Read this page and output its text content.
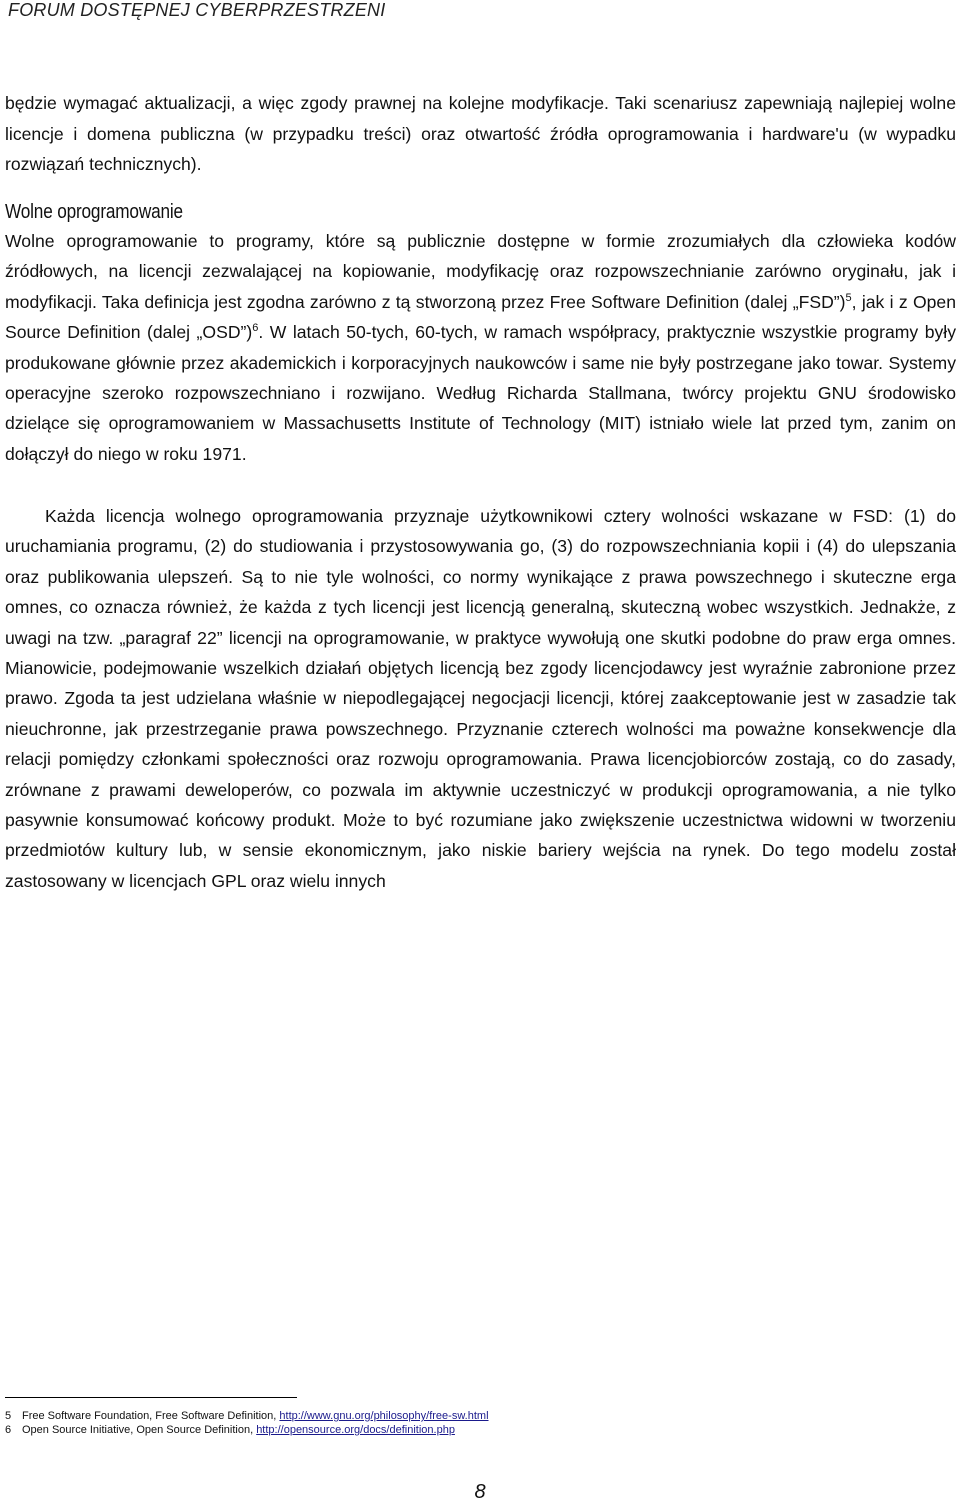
FORUM DOSTĘPNEJ CYBERPRZESTRZENI

będzie wymagać aktualizacji, a więc zgody prawnej na kolejne modyfikacje. Taki scenariusz zapewniają najlepiej wolne licencje i domena publiczna (w przypadku treści) oraz otwartość źródła oprogramowania i hardware'u (w wypadku rozwiązań technicznych).

Wolne oprogramowanie

Wolne oprogramowanie to programy, które są publicznie dostępne w formie zrozumiałych dla człowieka kodów źródłowych, na licencji zezwalającej na kopiowanie, modyfikację oraz rozpowszechnianie zarówno oryginału, jak i modyfikacji. Taka definicja jest zgodna zarówno z tą stworzoną przez Free Software Definition (dalej „FSD”)$^5$, jak i z Open Source Definition (dalej „OSD”)$^6$. W latach 50-tych, 60-tych, w ramach współpracy, praktycznie wszystkie programy były produkowane głównie przez akademickich i korporacyjnych naukowców i same nie były postrzegane jako towar. Systemy operacyjne szeroko rozpowszechniano i rozwijano. Według Richarda Stallmana, twórcy projektu GNU środowisko dzielące się oprogramowaniem w Massachusetts Institute of Technology (MIT) istniało wiele lat przed tym, zanim on dołączył do niego w roku 1971.

Każda licencja wolnego oprogramowania przyznaje użytkownikowi cztery wolności wskazane w FSD: (1) do uruchamiania programu, (2) do studiowania i przystosowywania go, (3) do rozpowszechniania kopii i (4) do ulepszania oraz publikowania ulepszeń. Są to nie tyle wolności, co normy wynikające z prawa powszechnego i skuteczne erga omnes, co oznacza również, że każda z tych licencji jest licencją generalną, skuteczną wobec wszystkich. Jednakże, z uwagi na tzw. „paragraf 22” licencji na oprogramowanie, w praktyce wywołują one skutki podobne do praw erga omnes. Mianowicie, podejmowanie wszelkich działań objętych licencją bez zgody licencjodawcy jest wyraźnie zabronione przez prawo. Zgoda ta jest udzielana właśnie w niepodlegającej negocjacji licencji, której zaakceptowanie jest w zasadzie tak nieuchronne, jak przestrzeganie prawa powszechnego. Przyznanie czterech wolności ma poważne konsekwencje dla relacji pomiędzy członkami społeczności oraz rozwoju oprogramowania. Prawa licencjobiorców zostają, co do zasady, zrównane z prawami deweloperów, co pozwala im aktywnie uczestniczyć w produkcji oprogramowania, a nie tylko pasywnie konsumować końcowy produkt. Może to być rozumiane jako zwiększenie uczestnictwa widowni w tworzeniu przedmiotów kultury lub, w sensie ekonomicznym, jako niskie bariery wejścia na rynek. Do tego modelu został zastosowany w licencjach GPL oraz wielu innych

5 Free Software Foundation, Free Software Definition, http://www.gnu.org/philosophy/free-sw.html
6 Open Source Initiative, Open Source Definition, http://opensource.org/docs/definition.php
8
